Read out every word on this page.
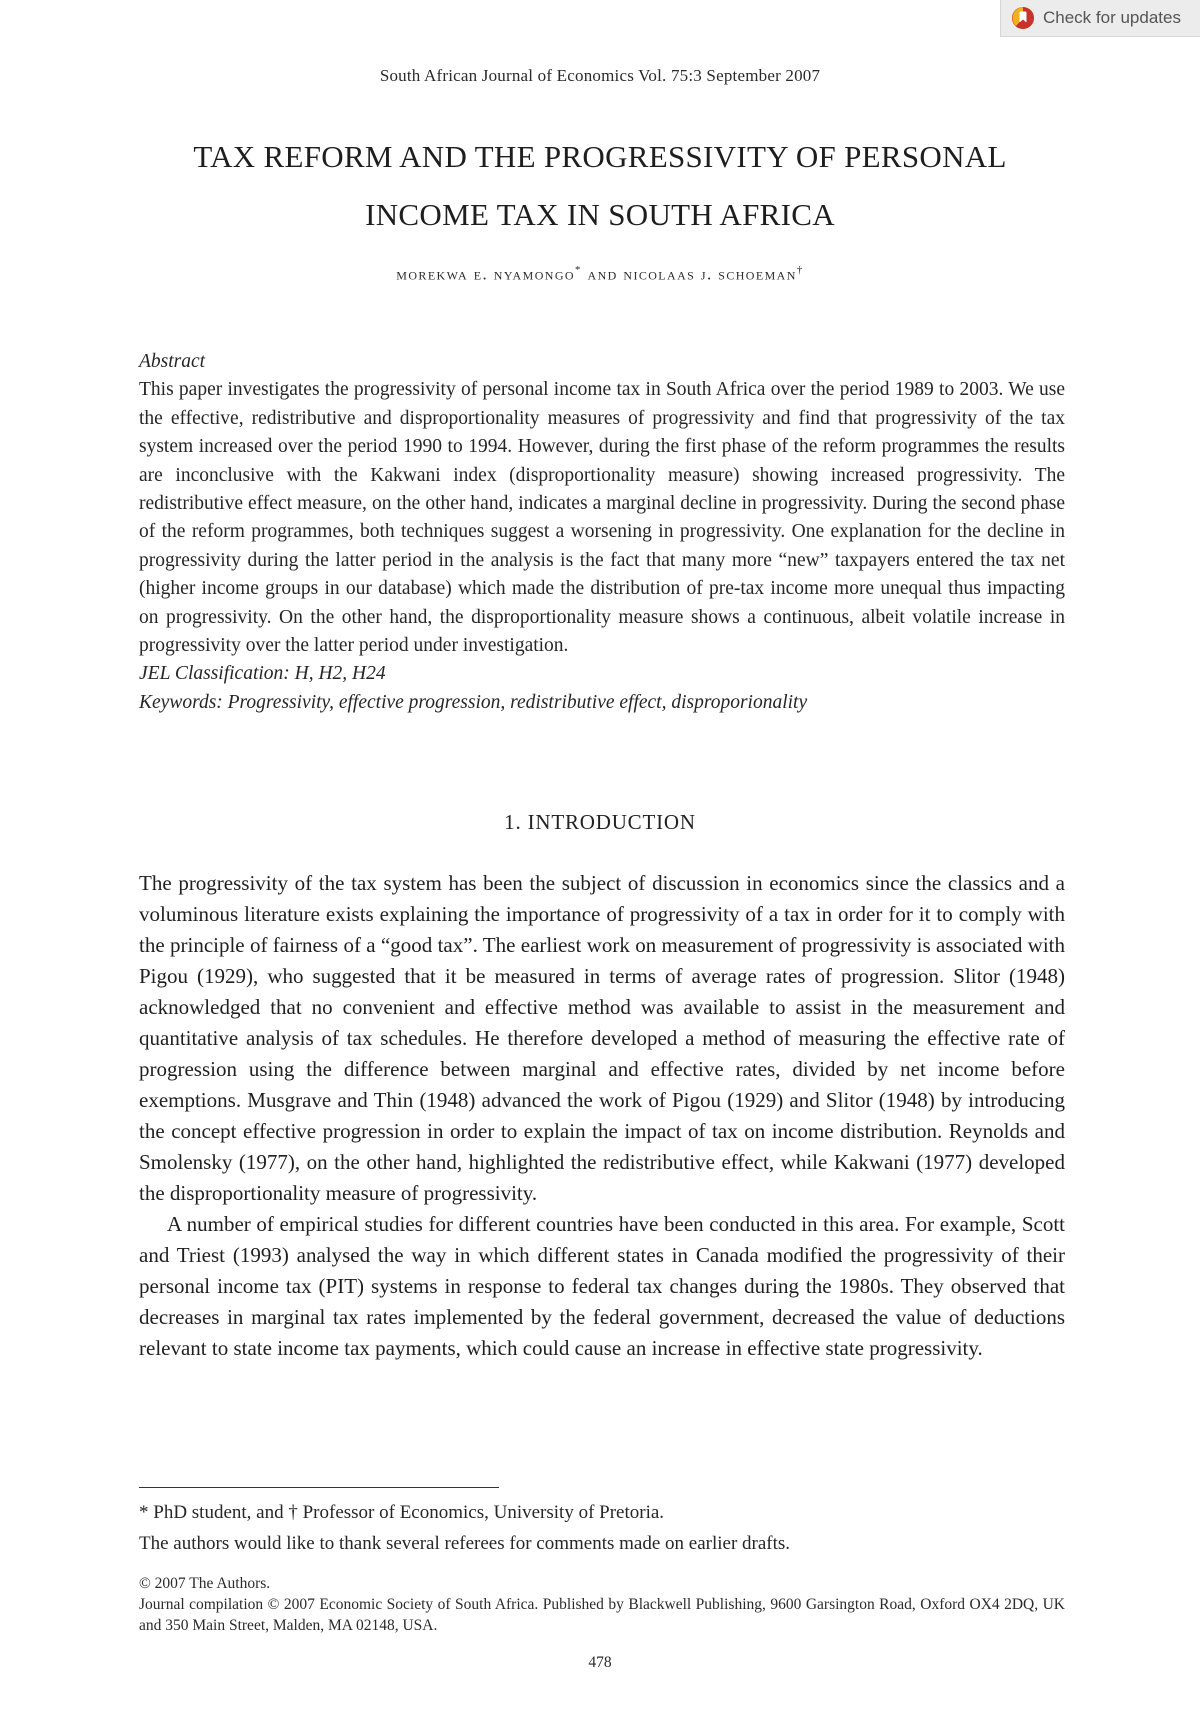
Check for updates
South African Journal of Economics Vol. 75:3 September 2007
TAX REFORM AND THE PROGRESSIVITY OF PERSONAL
INCOME TAX IN SOUTH AFRICA
morekwa e. nyamongo* and nicolaas j. schoeman†
Abstract
This paper investigates the progressivity of personal income tax in South Africa over the period 1989 to 2003. We use the effective, redistributive and disproportionality measures of progressivity and find that progressivity of the tax system increased over the period 1990 to 1994. However, during the first phase of the reform programmes the results are inconclusive with the Kakwani index (disproportionality measure) showing increased progressivity. The redistributive effect measure, on the other hand, indicates a marginal decline in progressivity. During the second phase of the reform programmes, both techniques suggest a worsening in progressivity. One explanation for the decline in progressivity during the latter period in the analysis is the fact that many more “new” taxpayers entered the tax net (higher income groups in our database) which made the distribution of pre-tax income more unequal thus impacting on progressivity. On the other hand, the disproportionality measure shows a continuous, albeit volatile increase in progressivity over the latter period under investigation.
JEL Classification: H, H2, H24
Keywords: Progressivity, effective progression, redistributive effect, disproporionality
1. INTRODUCTION

The progressivity of the tax system has been the subject of discussion in economics since the classics and a voluminous literature exists explaining the importance of progressivity of a tax in order for it to comply with the principle of fairness of a “good tax”. The earliest work on measurement of progressivity is associated with Pigou (1929), who suggested that it be measured in terms of average rates of progression. Slitor (1948) acknowledged that no convenient and effective method was available to assist in the measurement and quantitative analysis of tax schedules. He therefore developed a method of measuring the effective rate of progression using the difference between marginal and effective rates, divided by net income before exemptions. Musgrave and Thin (1948) advanced the work of Pigou (1929) and Slitor (1948) by introducing the concept effective progression in order to explain the impact of tax on income distribution. Reynolds and Smolensky (1977), on the other hand, highlighted the redistributive effect, while Kakwani (1977) developed the disproportionality measure of progressivity.

A number of empirical studies for different countries have been conducted in this area. For example, Scott and Triest (1993) analysed the way in which different states in Canada modified the progressivity of their personal income tax (PIT) systems in response to federal tax changes during the 1980s. They observed that decreases in marginal tax rates implemented by the federal government, decreased the value of deductions relevant to state income tax payments, which could cause an increase in effective state progressivity.

* PhD student, and † Professor of Economics, University of Pretoria.
The authors would like to thank several referees for comments made on earlier drafts.
© 2007 The Authors.
Journal compilation © 2007 Economic Society of South Africa. Published by Blackwell Publishing, 9600 Garsington Road, Oxford OX4 2DQ, UK and 350 Main Street, Malden, MA 02148, USA.
478
